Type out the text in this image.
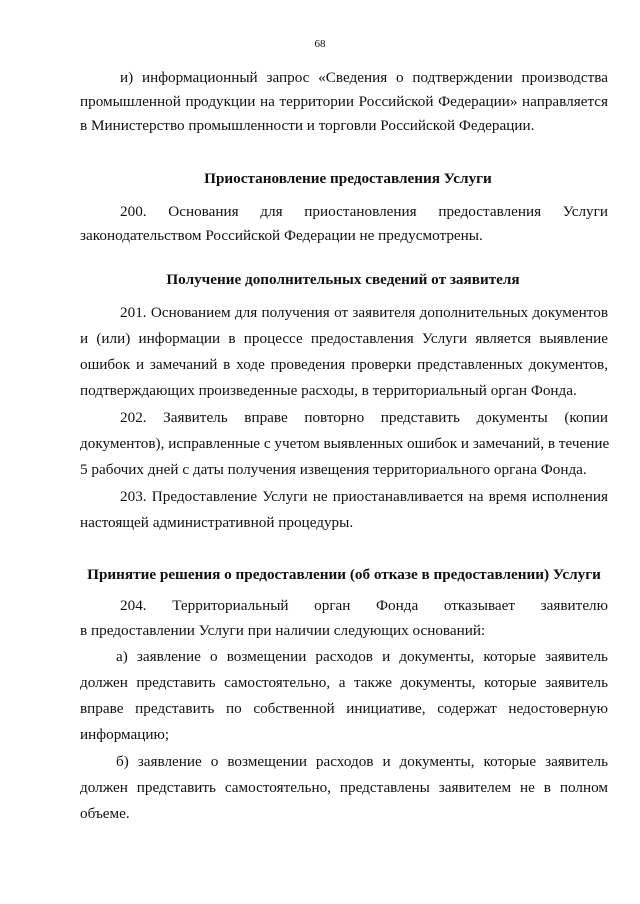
68
и) информационный запрос «Сведения о подтверждении производства
промышленной продукции на территории Российской Федерации» направляется
в Министерство промышленности и торговли Российской Федерации.
Приостановление предоставления Услуги
200. Основания для приостановления предоставления Услуги
законодательством Российской Федерации не предусмотрены.
Получение дополнительных сведений от заявителя
201. Основанием для получения от заявителя дополнительных документов
и (или) информации в процессе предоставления Услуги является выявление
ошибок и замечаний в ходе проведения проверки представленных документов,
подтверждающих произведенные расходы, в территориальный орган Фонда.
202. Заявитель вправе повторно представить документы (копии
документов), исправленные с учетом выявленных ошибок и замечаний, в течение
5 рабочих дней с даты получения извещения территориального органа Фонда.
203. Предоставление Услуги не приостанавливается на время исполнения
настоящей административной процедуры.
Принятие решения о предоставлении (об отказе в предоставлении) Услуги
204. Территориальный орган Фонда отказывает заявителю
в предоставлении Услуги при наличии следующих оснований:
а) заявление о возмещении расходов и документы, которые заявитель
должен представить самостоятельно, а также документы, которые заявитель
вправе представить по собственной инициативе, содержат недостоверную
информацию;
б) заявление о возмещении расходов и документы, которые заявитель
должен представить самостоятельно, представлены заявителем не в полном
объеме.
